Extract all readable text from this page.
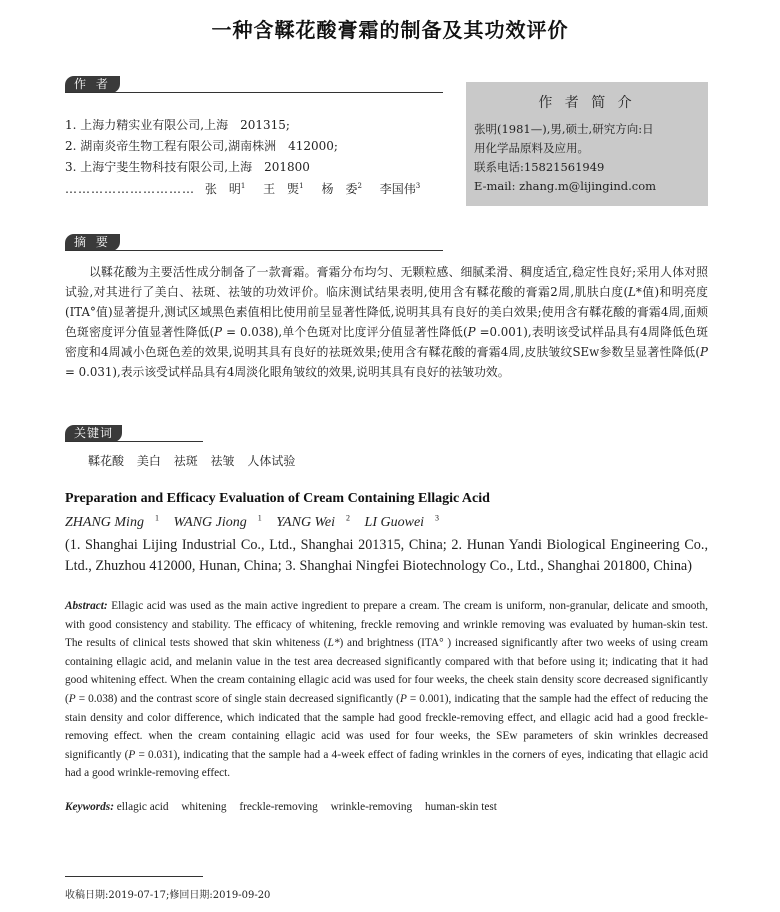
一种含鞣花酸膏霜的制备及其功效评价
作 者
1. 上海力精实业有限公司,上海　201315;
2. 湖南炎帝生物工程有限公司,湖南株洲　412000;
3. 上海宁斐生物科技有限公司,上海　201800
………………………… 张　明$^1$ 王　煚$^1$ 杨　委$^2$ 李国伟$^3$
作 者 简 介
张明(1981—),男,硕士,研究方向:日
用化学品原料及应用。
联系电话:15821561949
E-mail: zhang.m@lijingind.com
摘 要
以鞣花酸为主要活性成分制备了一款膏霜。膏霜分布均匀、无颗粒感、细腻柔滑、稠度适宜,稳定性良好;采用人体对照试验,对其进行了美白、祛斑、祛皱的功效评价。临床测试结果表明,使用含有鞣花酸的膏霜2周,肌肤白度(L*值)和明亮度(ITA°值)显著提升,测试区域黑色素值相比使用前呈显著性降低,说明其具有良好的美白效果;使用含有鞣花酸的膏霜4周,面颊色斑密度评分值显著性降低(P = 0.038),单个色斑对比度评分值显著性降低(P =0.001),表明该受试样品具有4周降低色斑密度和4周减小色斑色差的效果,说明其具有良好的祛斑效果;使用含有鞣花酸的膏霜4周,皮肤皱纹SEw参数呈显著性降低(P = 0.031),表示该受试样品具有4周淡化眼角皱纹的效果,说明其具有良好的祛皱功效。
关键词
鞣花酸 美白 祛斑 祛皱 人体试验
Preparation and Efficacy Evaluation of Cream Containing Ellagic Acid
ZHANG Ming $^1$ WANG Jiong $^1$ YANG Wei $^2$ LI Guowei $^3$
(1. Shanghai Lijing Industrial Co., Ltd., Shanghai 201315, China; 2. Hunan Yandi Biological Engineering Co., Ltd., Zhuzhou 412000, Hunan, China; 3. Shanghai Ningfei Biotechnology Co., Ltd., Shanghai 201800, China)
Abstract: Ellagic acid was used as the main active ingredient to prepare a cream. The cream is uniform, non-granular, delicate and smooth, with good consistency and stability. The efficacy of whitening, freckle removing and wrinkle removing was evaluated by human-skin test. The results of clinical tests showed that skin whiteness (L*) and brightness (ITA° ) increased significantly after two weeks of using cream containing ellagic acid, and melanin value in the test area decreased significantly compared with that before using it; indicating that it had good whitening effect. When the cream containing ellagic acid was used for four weeks, the cheek stain density score decreased significantly (P = 0.038) and the contrast score of single stain decreased significantly (P = 0.001), indicating that the sample had the effect of reducing the stain density and color difference, which indicated that the sample had good freckle-removing effect, and ellagic acid had a good freckle-removing effect. when the cream containing ellagic acid was used for four weeks, the SEw parameters of skin wrinkles decreased significantly (P = 0.031), indicating that the sample had a 4-week effect of fading wrinkles in the corners of eyes, indicating that ellagic acid had a good wrinkle-removing effect.
Keywords: ellagic acid whitening freckle-removing wrinkle-removing human-skin test
收稿日期:2019-07-17;修回日期:2019-09-20
